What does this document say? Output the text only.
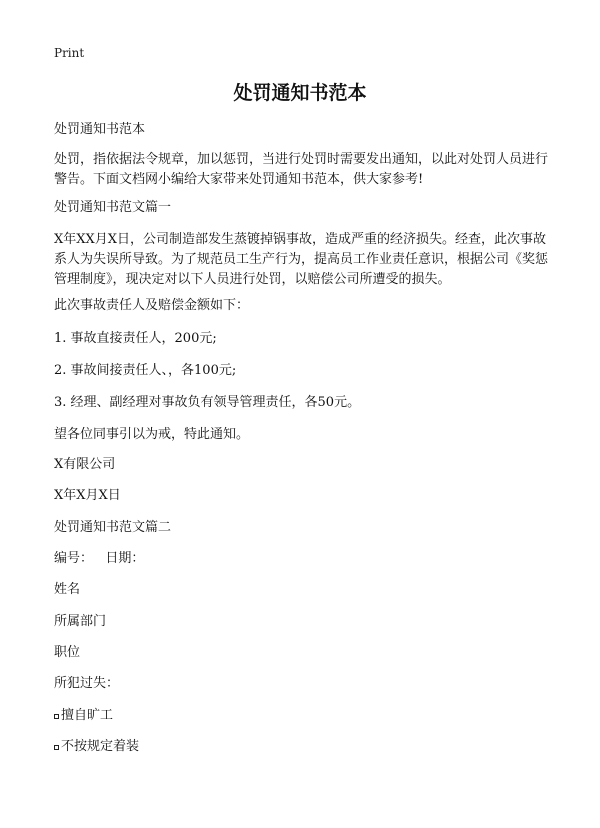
Print
处罚通知书范本

处罚通知书范本

处罚，指依据法令规章，加以惩罚，当进行处罚时需要发出通知，以此对处罚人员进行警告。下面文档网小编给大家带来处罚通知书范本，供大家参考!

处罚通知书范文篇一

X年XX月X日，公司制造部发生蒸镀掉锅事故，造成严重的经济损失。经查，此次事故系人为失误所导致。为了规范员工生产行为，提高员工作业责任意识，根据公司《奖惩管理制度》，现决定对以下人员进行处罚，以赔偿公司所遭受的损失。

此次事故责任人及赔偿金额如下：

1. 事故直接责任人，200元;

2. 事故间接责任人、，各100元;

3. 经理、副经理对事故负有领导管理责任，各50元。

望各位同事引以为戒，特此通知。

X有限公司

X年X月X日

处罚通知书范文篇二

编号：   日期：

姓名

所属部门

职位

所犯过失：

擅自旷工
不按规定着装
